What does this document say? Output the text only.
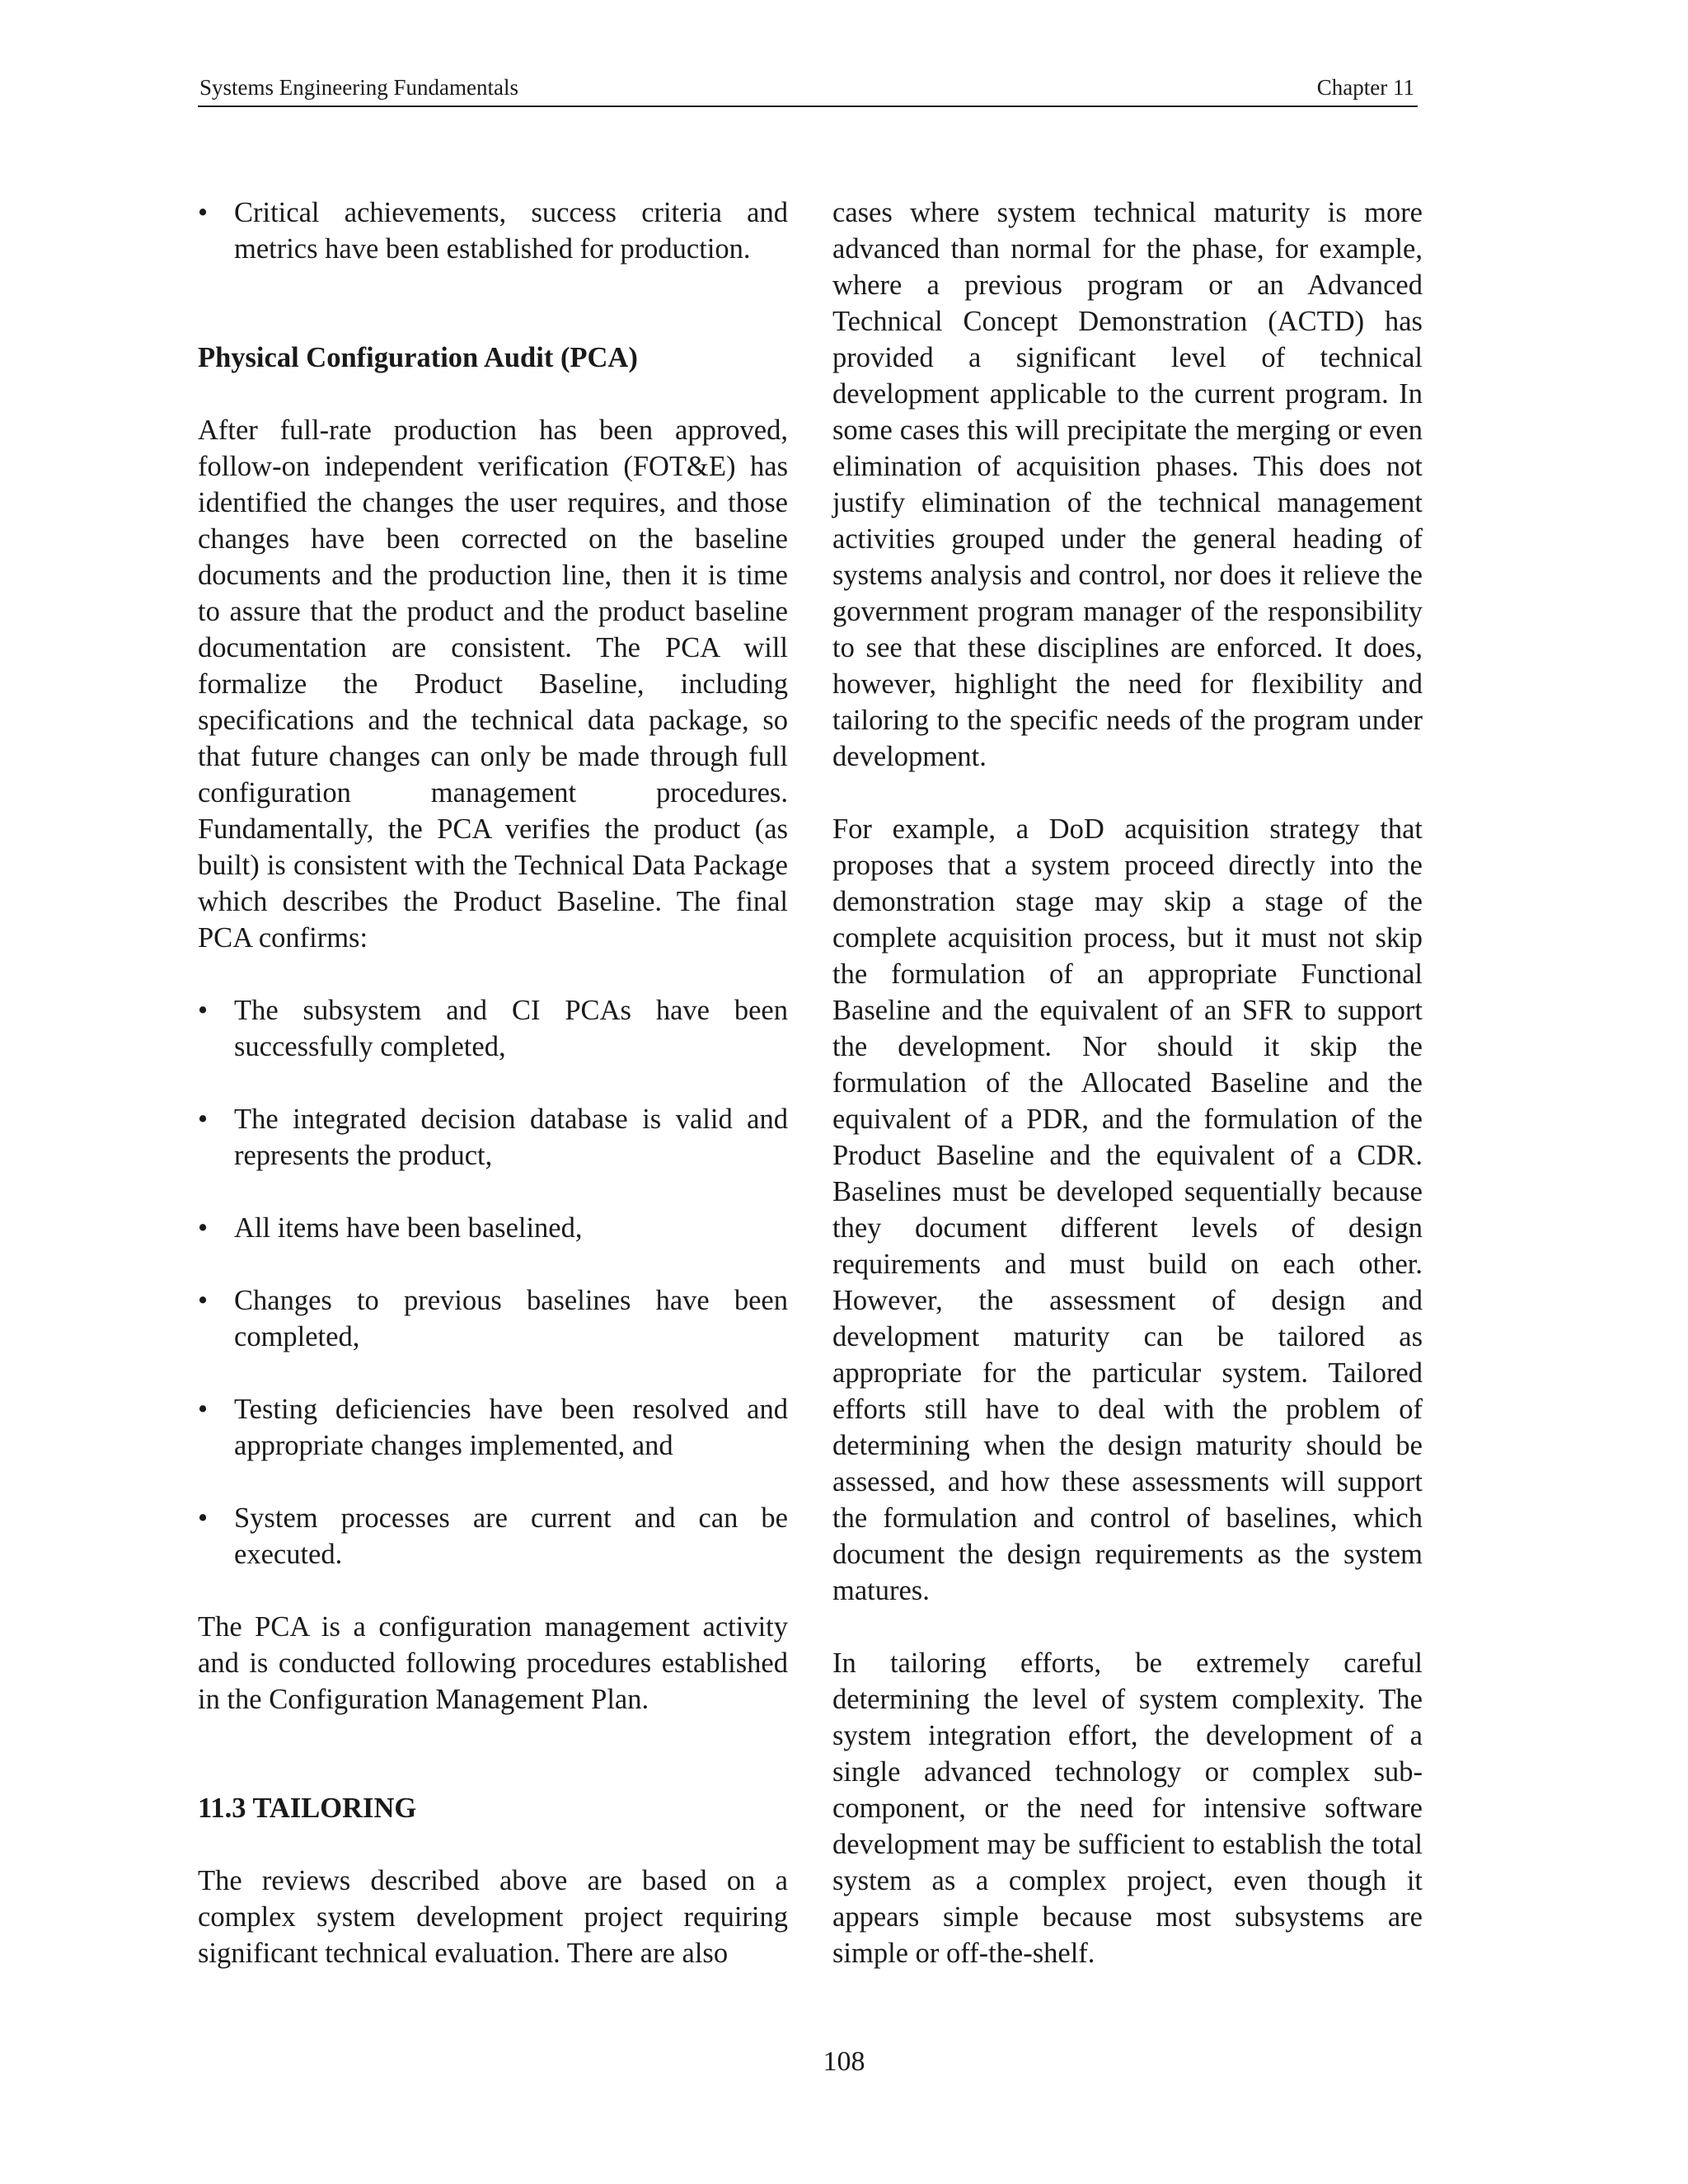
Systems Engineering Fundamentals	Chapter 11
• Critical achievements, success criteria and metrics have been established for production.
Physical Configuration Audit (PCA)

After full-rate production has been approved, follow-on independent verification (FOT&E) has identified the changes the user requires, and those changes have been corrected on the baseline documents and the production line, then it is time to assure that the product and the product baseline documentation are consistent. The PCA will formalize the Product Baseline, including specifications and the technical data package, so that future changes can only be made through full configuration management procedures. Fundamentally, the PCA verifies the product (as built) is consistent with the Technical Data Package which describes the Product Baseline. The final PCA confirms:

• The subsystem and CI PCAs have been successfully completed,
• The integrated decision database is valid and represents the product,
• All items have been baselined,
• Changes to previous baselines have been completed,
• Testing deficiencies have been resolved and appropriate changes implemented, and
• System processes are current and can be executed.

The PCA is a configuration management activity and is conducted following procedures established in the Configuration Management Plan.

11.3 TAILORING

The reviews described above are based on a complex system development project requiring significant technical evaluation. There are also

cases where system technical maturity is more advanced than normal for the phase, for example, where a previous program or an Advanced Technical Concept Demonstration (ACTD) has provided a significant level of technical development applicable to the current program. In some cases this will precipitate the merging or even elimination of acquisition phases. This does not justify elimination of the technical management activities grouped under the general heading of systems analysis and control, nor does it relieve the government program manager of the responsibility to see that these disciplines are enforced. It does, however, highlight the need for flexibility and tailoring to the specific needs of the program under development.

For example, a DoD acquisition strategy that proposes that a system proceed directly into the demonstration stage may skip a stage of the complete acquisition process, but it must not skip the formulation of an appropriate Functional Baseline and the equivalent of an SFR to support the development. Nor should it skip the formulation of the Allocated Baseline and the equivalent of a PDR, and the formulation of the Product Baseline and the equivalent of a CDR. Baselines must be developed sequentially because they document different levels of design requirements and must build on each other. However, the assessment of design and development maturity can be tailored as appropriate for the particular system. Tailored efforts still have to deal with the problem of determining when the design maturity should be assessed, and how these assessments will support the formulation and control of baselines, which document the design requirements as the system matures.

In tailoring efforts, be extremely careful determining the level of system complexity. The system integration effort, the development of a single advanced technology or complex sub-component, or the need for intensive software development may be sufficient to establish the total system as a complex project, even though it appears simple because most subsystems are simple or off-the-shelf.

108
